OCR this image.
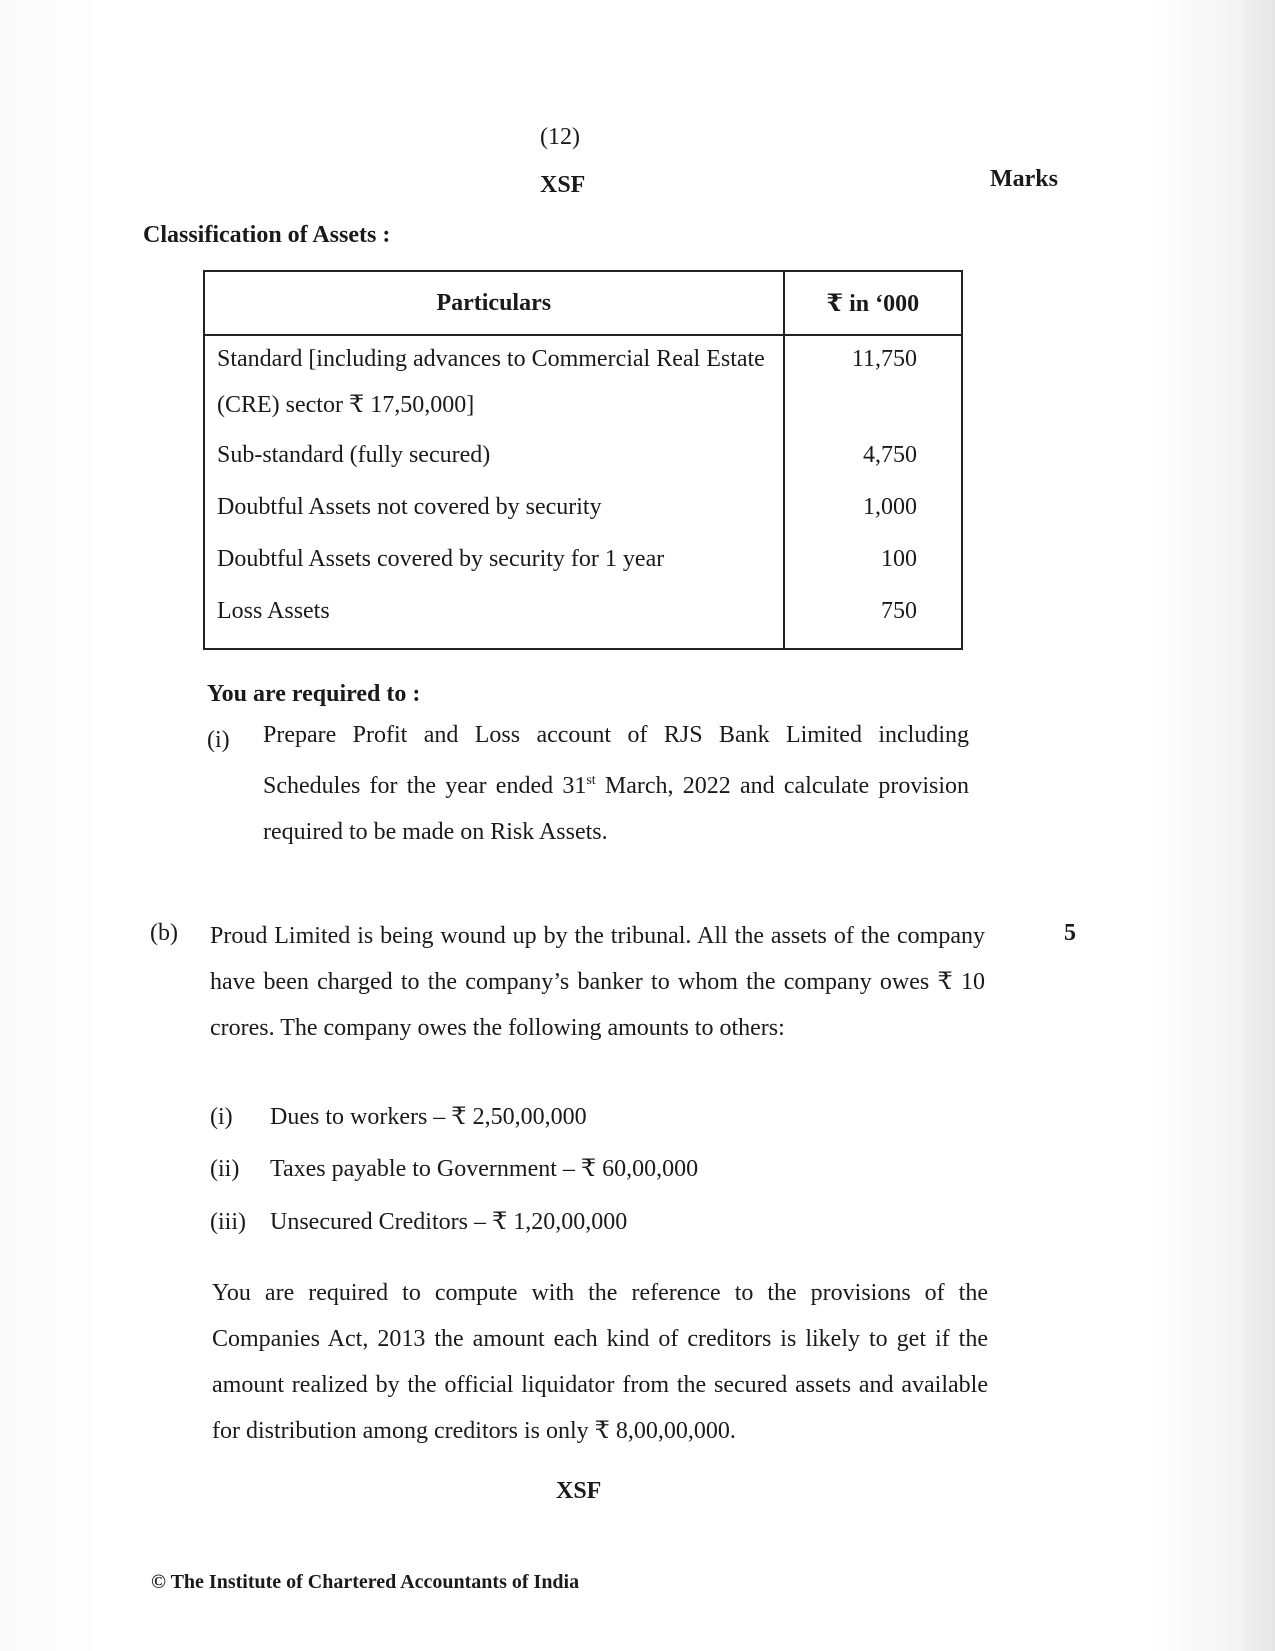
(12)
XSF	Marks
Classification of Assets :
Particulars	₹ in ‘000
Standard [including advances to Commercial Real Estate (CRE) sector ₹ 17,50,000]	11,750
Sub-standard (fully secured)	4,750
Doubtful Assets not covered by security	1,000
Doubtful Assets covered by security for 1 year	100
Loss Assets	750
You are required to :
(i) Prepare Profit and Loss account of RJS Bank Limited including Schedules for the year ended 31st March, 2022 and calculate provision required to be made on Risk Assets.
(b)	5
Proud Limited is being wound up by the tribunal. All the assets of the company have been charged to the company’s banker to whom the company owes ₹ 10 crores. The company owes the following amounts to others:
(i) Dues to workers – ₹ 2,50,00,000
(ii) Taxes payable to Government – ₹ 60,00,000
(iii) Unsecured Creditors – ₹ 1,20,00,000
You are required to compute with the reference to the provisions of the Companies Act, 2013 the amount each kind of creditors is likely to get if the amount realized by the official liquidator from the secured assets and available for distribution among creditors is only ₹ 8,00,00,000.
XSF
© The Institute of Chartered Accountants of India
